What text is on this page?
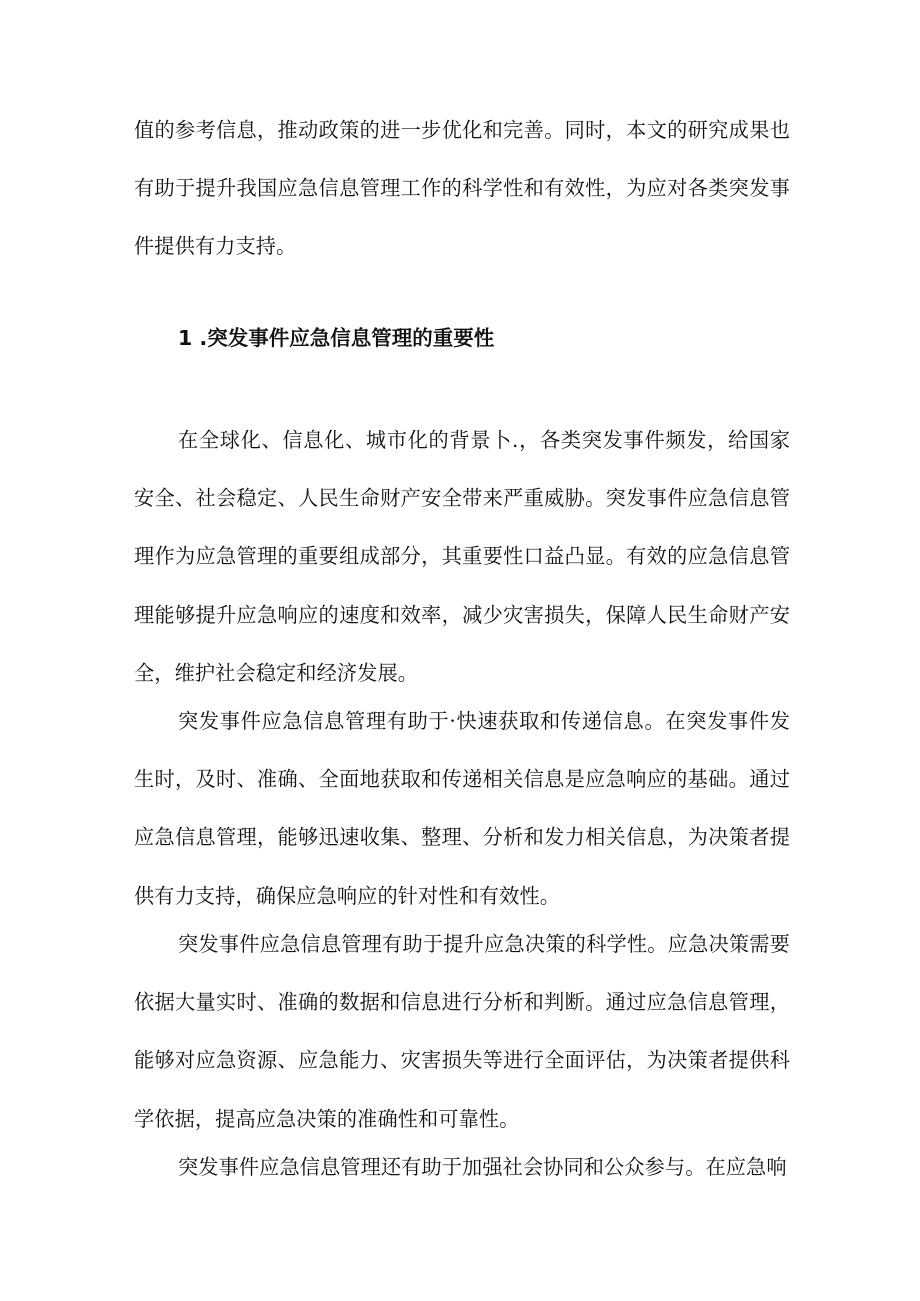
值的参考信息，推动政策的进一步优化和完善。同时，本文的研究成果也有助于提升我国应急信息管理工作的科学性和有效性，为应对各类突发事件提供有力支持。

1 .突发事件应急信息管理的重要性

在全球化、信息化、城市化的背景卜.，各类突发事件频发，给国家安全、社会稳定、人民生命财产安全带来严重威胁。突发事件应急信息管理作为应急管理的重要组成部分，其重要性口益凸显。有效的应急信息管理能够提升应急响应的速度和效率，减少灾害损失，保障人民生命财产安全，维护社会稳定和经济发展。

突发事件应急信息管理有助于·快速获取和传递信息。在突发事件发生时，及时、准确、全面地获取和传递相关信息是应急响应的基础。通过应急信息管理，能够迅速收集、整理、分析和发力相关信息，为决策者提供有力支持，确保应急响应的针对性和有效性。

突发事件应急信息管理有助于提升应急决策的科学性。应急决策需要依据大量实时、准确的数据和信息进行分析和判断。通过应急信息管理，能够对应急资源、应急能力、灾害损失等进行全面评估，为决策者提供科学依据，提高应急决策的准确性和可靠性。

突发事件应急信息管理还有助于加强社会协同和公众参与。在应急响
